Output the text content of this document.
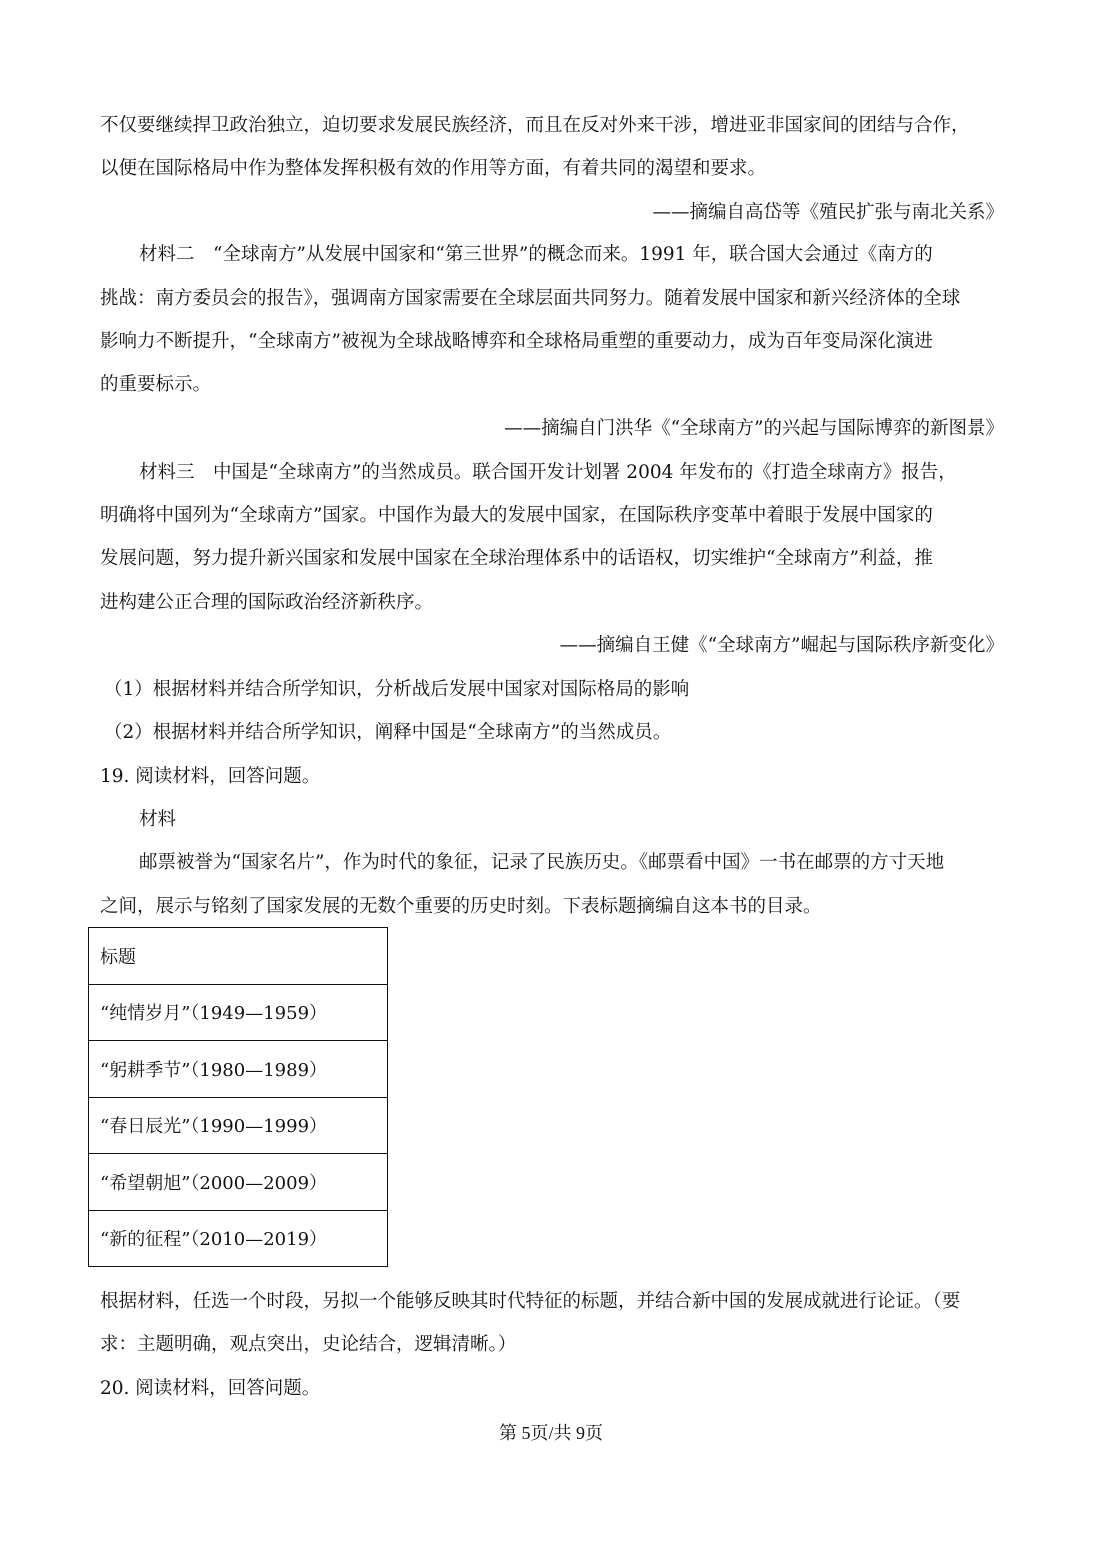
不仅要继续捍卫政治独立，迫切要求发展民族经济，而且在反对外来干涉，增进亚非国家间的团结与合作，
以便在国际格局中作为整体发挥积极有效的作用等方面，有着共同的渴望和要求。
——摘编自高岱等《殖民扩张与南北关系》
材料二　“全球南方”从发展中国家和“第三世界”的概念而来。1991 年，联合国大会通过《南方的
挑战：南方委员会的报告》，强调南方国家需要在全球层面共同努力。随着发展中国家和新兴经济体的全球
影响力不断提升，“全球南方”被视为全球战略博弈和全球格局重塑的重要动力，成为百年变局深化演进
的重要标示。
——摘编自门洪华《“全球南方”的兴起与国际博弈的新图景》
材料三　中国是“全球南方”的当然成员。联合国开发计划署 2004 年发布的《打造全球南方》报告，
明确将中国列为“全球南方”国家。中国作为最大的发展中国家，在国际秩序变革中着眼于发展中国家的
发展问题，努力提升新兴国家和发展中国家在全球治理体系中的话语权，切实维护“全球南方”利益，推
进构建公正合理的国际政治经济新秩序。
——摘编自王健《“全球南方”崛起与国际秩序新变化》
（1）根据材料并结合所学知识，分析战后发展中国家对国际格局的影响
（2）根据材料并结合所学知识，阐释中国是“全球南方”的当然成员。
19. 阅读材料，回答问题。
材料
邮票被誉为“国家名片”，作为时代的象征，记录了民族历史。《邮票看中国》一书在邮票的方寸天地
之间，展示与铭刻了国家发展的无数个重要的历史时刻。下表标题摘编自这本书的目录。
标题
“纯情岁月”（1949—1959）
“躬耕季节”（1980—1989）
“春日辰光”（1990—1999）
“希望朝旭”（2000—2009）
“新的征程”（2010—2019）
根据材料，任选一个时段，另拟一个能够反映其时代特征的标题，并结合新中国的发展成就进行论证。（要
求：主题明确，观点突出，史论结合，逻辑清晰。）
20. 阅读材料，回答问题。
第 5页/共 9页
